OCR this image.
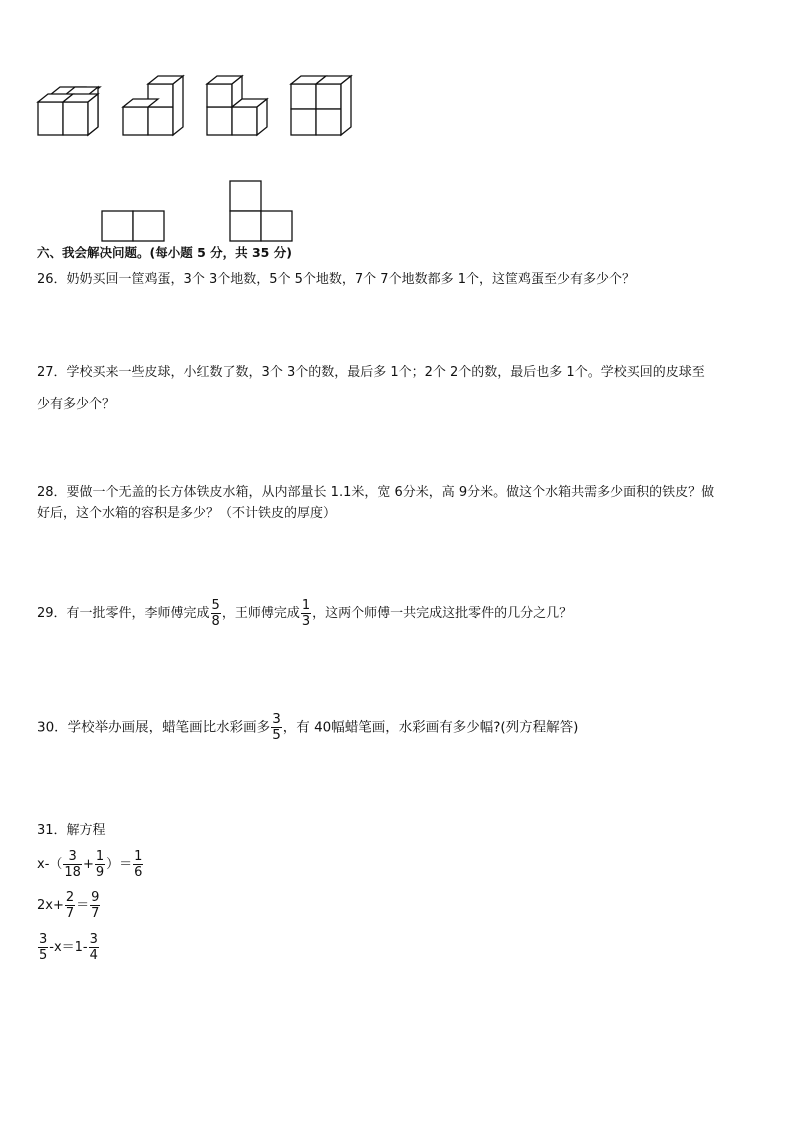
六、我会解决问题。(每小题 5 分，共 35 分)
26．奶奶买回一筐鸡蛋，3个 3个地数，5个 5个地数，7个 7个地数都多 1个，这筐鸡蛋至少有多少个？
27．学校买来一些皮球，小红数了数，3个 3个的数，最后多 1个；2个 2个的数，最后也多 1个。学校买回的皮球至
少有多少个？
28．要做一个无盖的长方体铁皮水箱，从内部量长 1.1米，宽 6分米，高 9分米。做这个水箱共需多少面积的铁皮？做
好后，这个水箱的容积是多少？（不计铁皮的厚度）
29．有一批零件，李师傅完成 $\frac{5}{8}$ ，王师傅完成 $\frac{1}{3}$ ，这两个师傅一共完成这批零件的几分之几？
30．学校举办画展，蜡笔画比水彩画多 $\frac{3}{5}$ ，有 40幅蜡笔画，水彩画有多少幅?(列方程解答)
31．解方程
$x-( \frac{3}{18} + \frac{1}{9}$ ）＝ $\frac{1}{6}$
$2x+ \frac{2}{7} = \frac{9}{7}$
$\frac{3}{5} -x=1- \frac{3}{4}$
